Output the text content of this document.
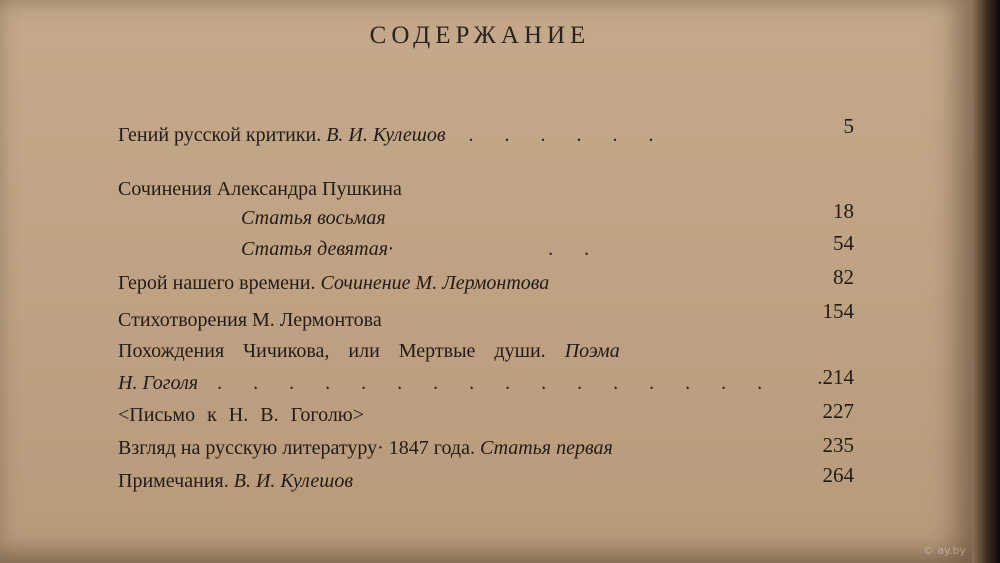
СОДЕРЖАНИЕ
Гений русской критики. В. И. Кулешов . . . . . .	5
Сочинения Александра Пушкина
Статья восьмая	18
Статья девятая·	. .	54
Герой нашего времени. Сочинение М. Лермонтова	82
Стихотворения М. Лермонтова	154
Похождения Чичикова, или Мертвые души. Поэма
Н. Гоголя . . . . . . . . . . . . . . . .	.214
<Письмо к Н. В. Гоголю>	227
Взгляд на русскую литературу· 1847 года. Статья первая	235
Примечания. В. И. Кулешов	264
© ay.by
